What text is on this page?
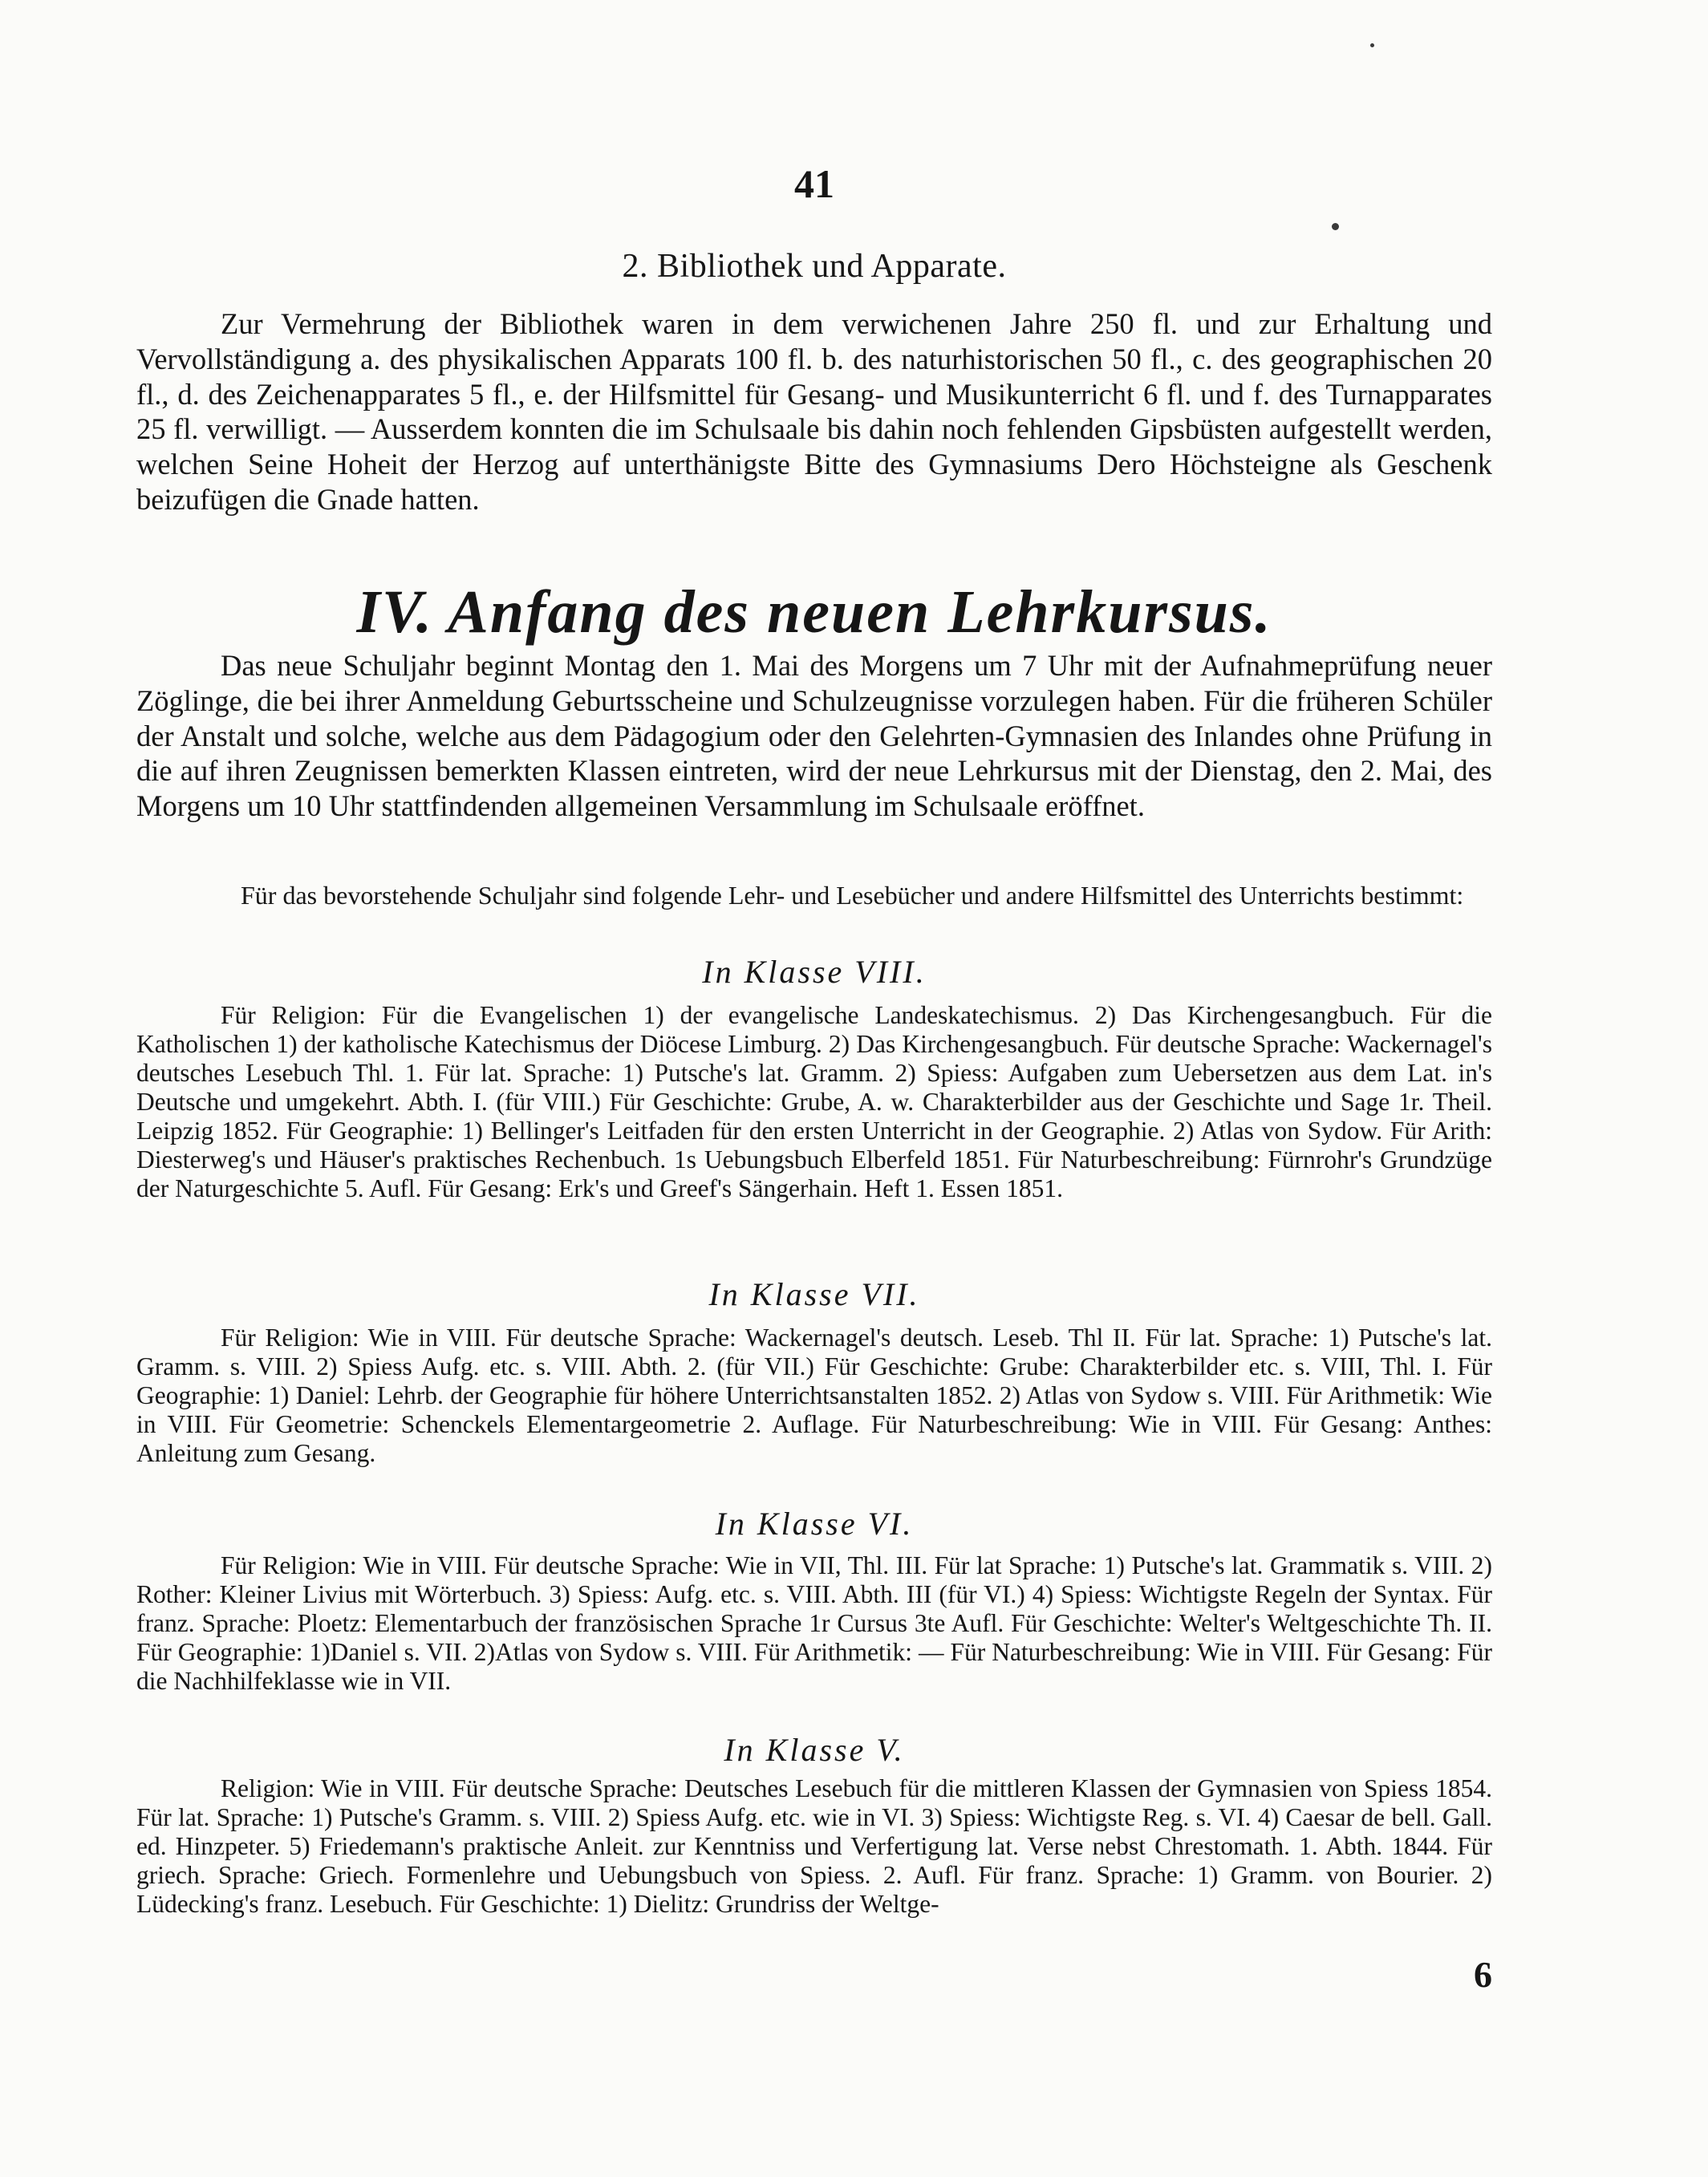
41
2. Bibliothek und Apparate.

Zur Vermehrung der Bibliothek waren in dem verwichenen Jahre 250 fl. und zur Erhaltung und Vervollständigung a. des physikalischen Apparats 100 fl. b. des naturhistorischen 50 fl., c. des geographischen 20 fl., d. des Zeichenapparates 5 fl., e. der Hilfsmittel für Gesang- und Musikunterricht 6 fl. und f. des Turnapparates 25 fl. verwilligt. — Ausserdem konnten die im Schulsaale bis dahin noch fehlenden Gipsbüsten aufgestellt werden, welchen Seine Hoheit der Herzog auf unterthänigste Bitte des Gymnasiums Dero Höchsteigne als Geschenk beizufügen die Gnade hatten.

IV. Anfang des neuen Lehrkursus.

Das neue Schuljahr beginnt Montag den 1. Mai des Morgens um 7 Uhr mit der Aufnahmeprüfung neuer Zöglinge, die bei ihrer Anmeldung Geburtsscheine und Schulzeugnisse vorzulegen haben. Für die früheren Schüler der Anstalt und solche, welche aus dem Pädagogium oder den Gelehrten-Gymnasien des Inlandes ohne Prüfung in die auf ihren Zeugnissen bemerkten Klassen eintreten, wird der neue Lehrkursus mit der Dienstag, den 2. Mai, des Morgens um 10 Uhr stattfindenden allgemeinen Versammlung im Schulsaale eröffnet.

Für das bevorstehende Schuljahr sind folgende Lehr- und Lesebücher und andere Hilfsmittel des Unterrichts bestimmt:

In Klasse VIII.

Für Religion: Für die Evangelischen 1) der evangelische Landeskatechismus. 2) Das Kirchengesangbuch. Für die Katholischen 1) der katholische Katechismus der Diöcese Limburg. 2) Das Kirchengesangbuch. Für deutsche Sprache: Wackernagel's deutsches Lesebuch Thl. 1. Für lat. Sprache: 1) Putsche's lat. Gramm. 2) Spiess: Aufgaben zum Uebersetzen aus dem Lat. in's Deutsche und umgekehrt. Abth. I. (für VIII.) Für Geschichte: Grube, A. w. Charakterbilder aus der Geschichte und Sage 1r. Theil. Leipzig 1852. Für Geographie: 1) Bellinger's Leitfaden für den ersten Unterricht in der Geographie. 2) Atlas von Sydow. Für Arith: Diesterweg's und Häuser's praktisches Rechenbuch. 1s Uebungsbuch Elberfeld 1851. Für Naturbeschreibung: Fürnrohr's Grundzüge der Naturgeschichte 5. Aufl. Für Gesang: Erk's und Greef's Sängerhain. Heft 1. Essen 1851.

In Klasse VII.

Für Religion: Wie in VIII. Für deutsche Sprache: Wackernagel's deutsch. Leseb. Thl II. Für lat. Sprache: 1) Putsche's lat. Gramm. s. VIII. 2) Spiess Aufg. etc. s. VIII. Abth. 2. (für VII.) Für Geschichte: Grube: Charakterbilder etc. s. VIII, Thl. I. Für Geographie: 1) Daniel: Lehrb. der Geographie für höhere Unterrichtsanstalten 1852. 2) Atlas von Sydow s. VIII. Für Arithmetik: Wie in VIII. Für Geometrie: Schenckels Elementargeometrie 2. Auflage. Für Naturbeschreibung: Wie in VIII. Für Gesang: Anthes: Anleitung zum Gesang.

In Klasse VI.

Für Religion: Wie in VIII. Für deutsche Sprache: Wie in VII, Thl. III. Für lat Sprache: 1) Putsche's lat. Grammatik s. VIII. 2) Rother: Kleiner Livius mit Wörterbuch. 3) Spiess: Aufg. etc. s. VIII. Abth. III (für VI.) 4) Spiess: Wichtigste Regeln der Syntax. Für franz. Sprache: Ploetz: Elementarbuch der französischen Sprache 1r Cursus 3te Aufl. Für Geschichte: Welter's Weltgeschichte Th. II. Für Geographie: 1)Daniel s. VII. 2)Atlas von Sydow s. VIII. Für Arithmetik: — Für Naturbeschreibung: Wie in VIII. Für Gesang: Für die Nachhilfeklasse wie in VII.

In Klasse V.

Religion: Wie in VIII. Für deutsche Sprache: Deutsches Lesebuch für die mittleren Klassen der Gymnasien von Spiess 1854. Für lat. Sprache: 1) Putsche's Gramm. s. VIII. 2) Spiess Aufg. etc. wie in VI. 3) Spiess: Wichtigste Reg. s. VI. 4) Caesar de bell. Gall. ed. Hinzpeter. 5) Friedemann's praktische Anleit. zur Kenntniss und Verfertigung lat. Verse nebst Chrestomath. 1. Abth. 1844. Für griech. Sprache: Griech. Formenlehre und Uebungsbuch von Spiess. 2. Aufl. Für franz. Sprache: 1) Gramm. von Bourier. 2) Lüdecking's franz. Lesebuch. Für Geschichte: 1) Dielitz: Grundriss der Weltge-

6
